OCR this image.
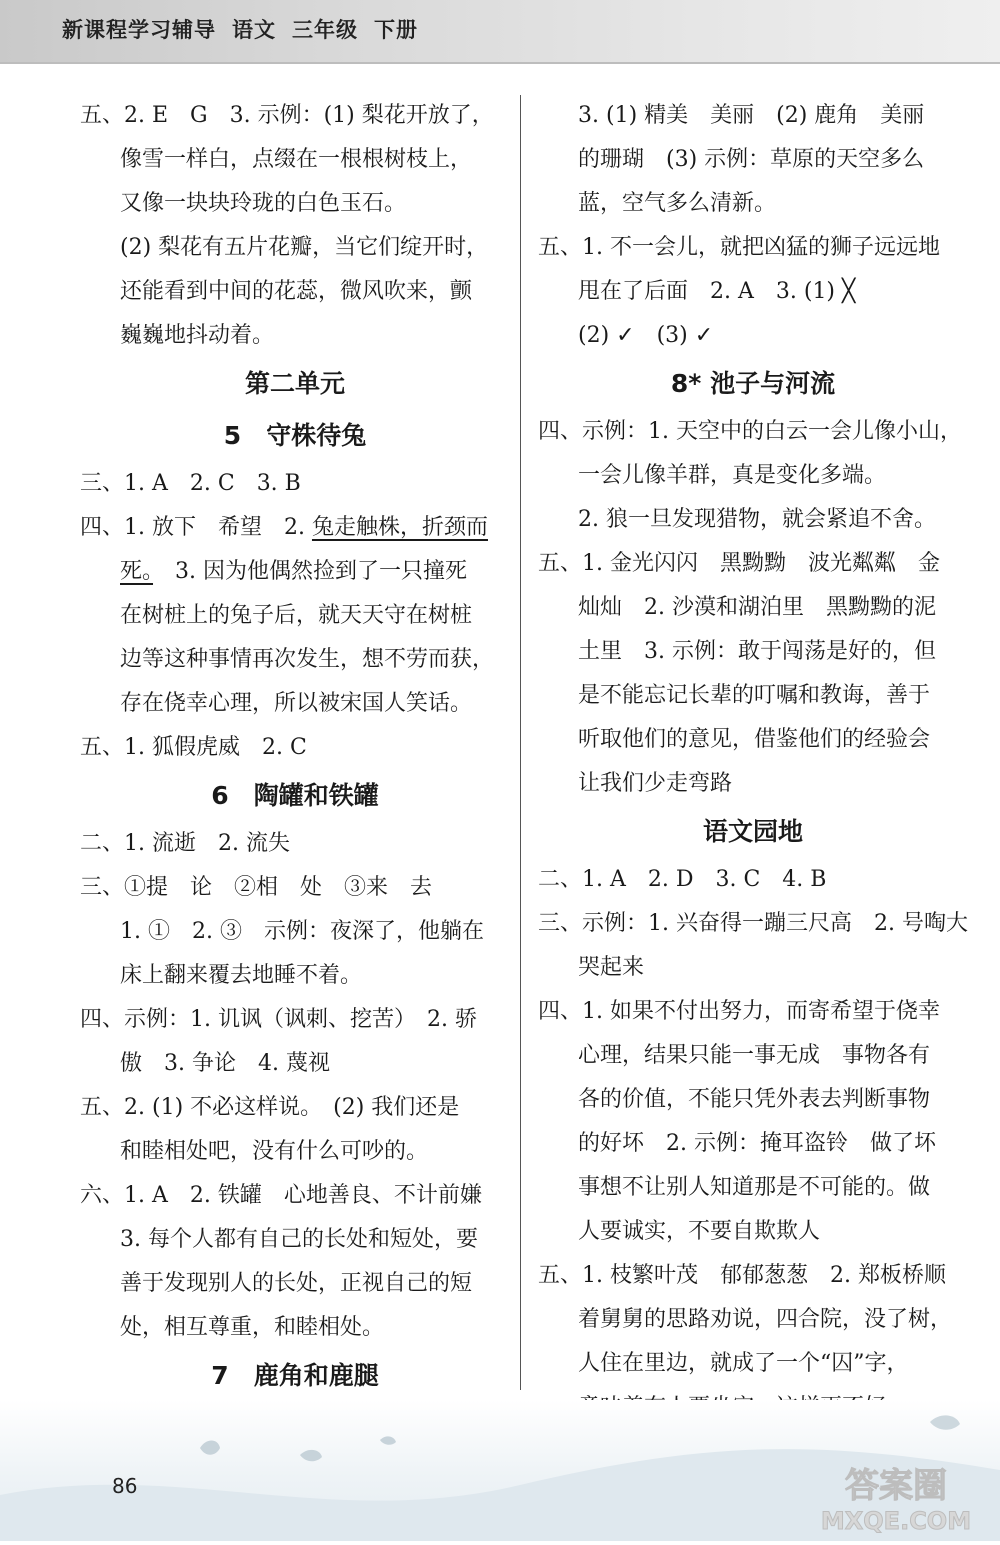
新课程学习辅导 语文 三年级 下册
五、2. E　G　3. 示例：(1) 梨花开放了，
像雪一样白，点缀在一根根树枝上，
又像一块块玲珑的白色玉石。
(2) 梨花有五片花瓣，当它们绽开时，
还能看到中间的花蕊，微风吹来，颤
巍巍地抖动着。
第二单元
5　守株待兔
三、1. A　2. C　3. B
四、1. 放下　希望　2. 兔走触株，折颈而
死。　3. 因为他偶然捡到了一只撞死
在树桩上的兔子后，就天天守在树桩
边等这种事情再次发生，想不劳而获，
存在侥幸心理，所以被宋国人笑话。
五、1. 狐假虎威　2. C
6　陶罐和铁罐
二、1. 流逝　2. 流失
三、①提　论　②相　处　③来　去
1. ①　2. ③　示例：夜深了，他躺在
床上翻来覆去地睡不着。
四、示例：1. 讥讽（讽刺、挖苦）　2. 骄
傲　3. 争论　4. 蔑视
五、2. (1) 不必这样说。　(2) 我们还是
和睦相处吧，没有什么可吵的。
六、1. A　2. 铁罐　心地善良、不计前嫌
3. 每个人都有自己的长处和短处，要
善于发现别人的长处，正视自己的短
处，相互尊重，和睦相处。
7　鹿角和鹿腿
3. (1) 精美　美丽　(2) 鹿角　美丽
的珊瑚　(3) 示例：草原的天空多么
蓝，空气多么清新。
五、1. 不一会儿，就把凶猛的狮子远远地
甩在了后面　2. A　3. (1) ╳
(2) ✓　(3) ✓
8* 池子与河流
四、示例：1. 天空中的白云一会儿像小山，
一会儿像羊群，真是变化多端。
2. 狼一旦发现猎物，就会紧追不舍。
五、1. 金光闪闪　黑黝黝　波光粼粼　金
灿灿　2. 沙漠和湖泊里　黑黝黝的泥
土里　3. 示例：敢于闯荡是好的，但
是不能忘记长辈的叮嘱和教诲，善于
听取他们的意见，借鉴他们的经验会
让我们少走弯路
语文园地
二、1. A　2. D　3. C　4. B
三、示例：1. 兴奋得一蹦三尺高　2. 号啕大
哭起来
四、1. 如果不付出努力，而寄希望于侥幸
心理，结果只能一事无成　事物各有
各的价值，不能只凭外表去判断事物
的好坏　2. 示例：掩耳盗铃　做了坏
事想不让别人知道那是不可能的。做
人要诚实，不要自欺欺人
五、1. 枝繁叶茂　郁郁葱葱　2. 郑板桥顺
着舅舅的思路劝说，四合院，没了树，
人住在里边，就成了一个“囚”字，
86	答案圈
MXQE.COM
